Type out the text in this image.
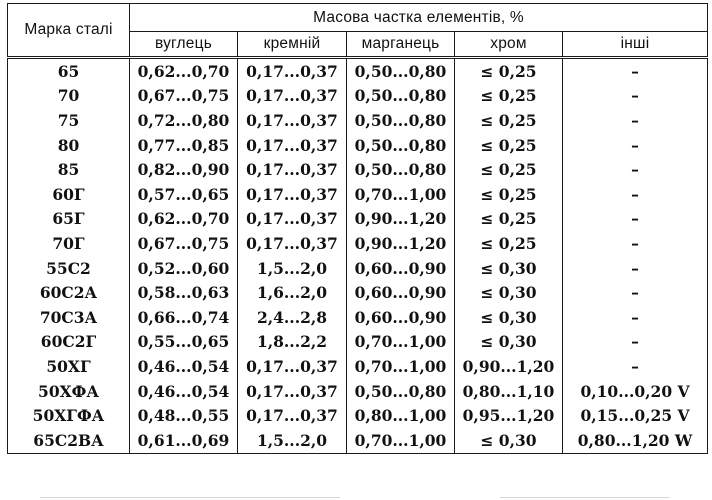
Марка сталі	Масова частка елементів, %				
	вуглець	кремній	марганець	хром	інші
65	0,62...0,70	0,17...0,37	0,50...0,80	≤ 0,25	–
70	0,67...0,75	0,17...0,37	0,50...0,80	≤ 0,25	–
75	0,72...0,80	0,17...0,37	0,50...0,80	≤ 0,25	–
80	0,77...0,85	0,17...0,37	0,50...0,80	≤ 0,25	–
85	0,82...0,90	0,17...0,37	0,50...0,80	≤ 0,25	–
60Г	0,57...0,65	0,17...0,37	0,70...1,00	≤ 0,25	–
65Г	0,62...0,70	0,17...0,37	0,90...1,20	≤ 0,25	–
70Г	0,67...0,75	0,17...0,37	0,90...1,20	≤ 0,25	–
55С2	0,52...0,60	1,5...2,0	0,60...0,90	≤ 0,30	–
60С2А	0,58...0,63	1,6...2,0	0,60...0,90	≤ 0,30	–
70С3А	0,66...0,74	2,4...2,8	0,60...0,90	≤ 0,30	–
60С2Г	0,55...0,65	1,8...2,2	0,70...1,00	≤ 0,30	–
50ХГ	0,46...0,54	0,17...0,37	0,70...1,00	0,90...1,20	–
50ХФА	0,46...0,54	0,17...0,37	0,50...0,80	0,80...1,10	0,10...0,20 V
50ХГФА	0,48...0,55	0,17...0,37	0,80...1,00	0,95...1,20	0,15...0,25 V
65С2ВА	0,61...0,69	1,5...2,0	0,70...1,00	≤ 0,30	0,80...1,20 W
